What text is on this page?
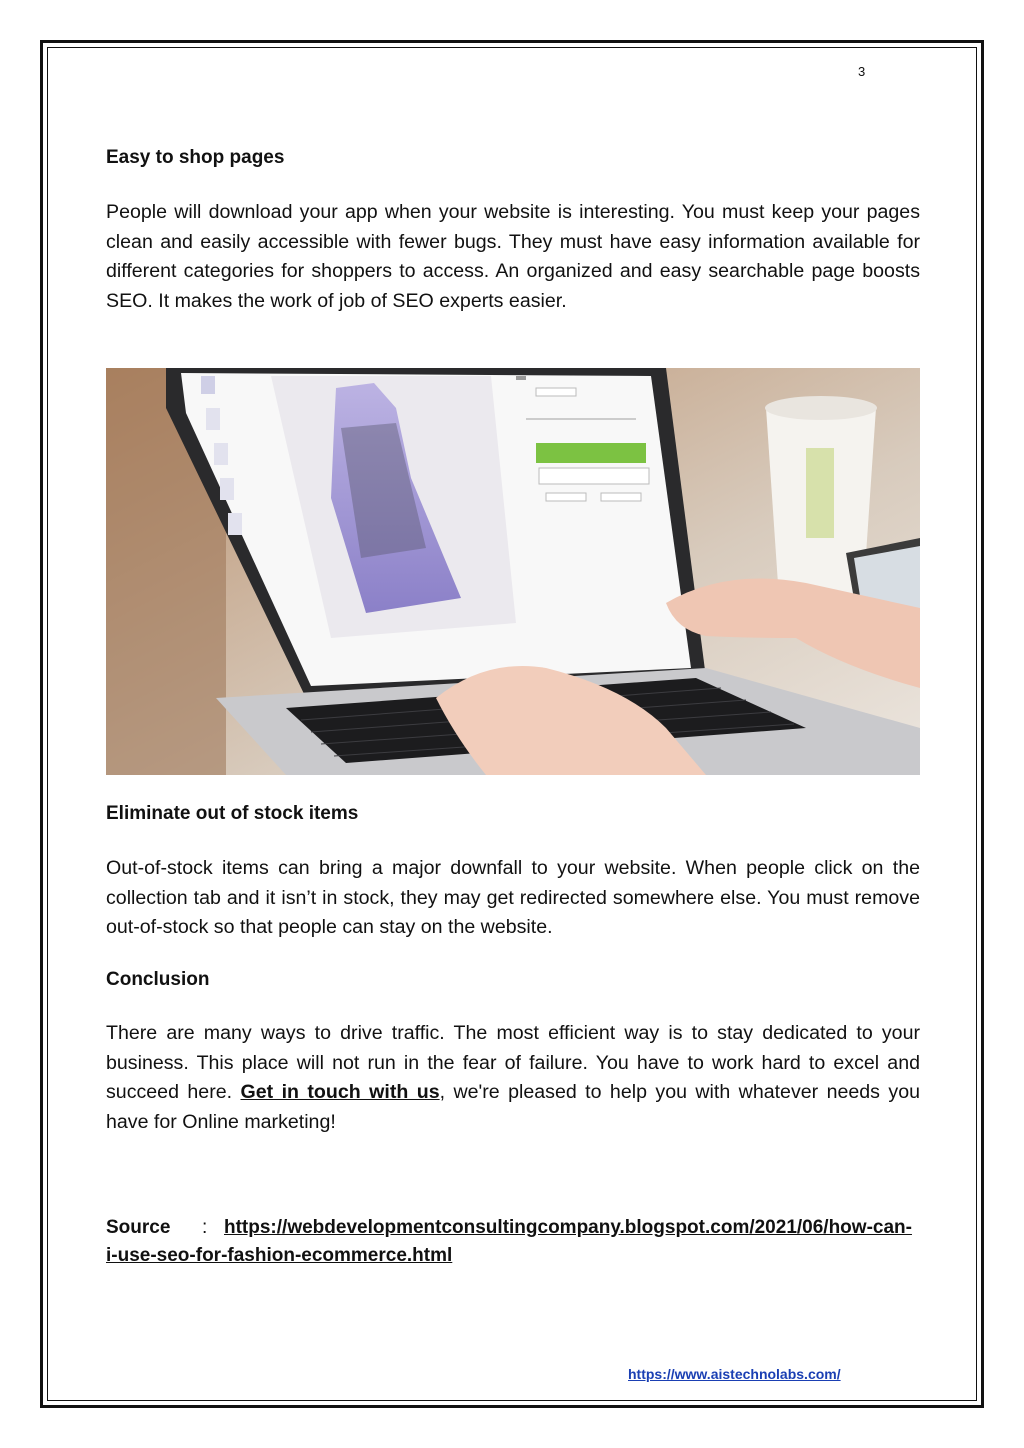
3
Easy to shop pages

People will download your app when your website is interesting. You must keep your pages clean and easily accessible with fewer bugs. They must have easy information available for different categories for shoppers to access. An organized and easy searchable page boosts SEO. It makes the work of job of SEO experts easier.

Eliminate out of stock items

Out-of-stock items can bring a major downfall to your website. When people click on the collection tab and it isn’t in stock, they may get redirected somewhere else. You must remove out-of-stock so that people can stay on the website.

Conclusion

There are many ways to drive traffic. The most efficient way is to stay dedicated to your business. This place will not run in the fear of failure. You have to work hard to excel and succeed here. Get in touch with us, we're pleased to help you with whatever needs you have for Online marketing!

Source : https://webdevelopmentconsultingcompany.blogspot.com/2021/06/how-can-i-use-seo-for-fashion-ecommerce.html
https://www.aistechnolabs.com/
